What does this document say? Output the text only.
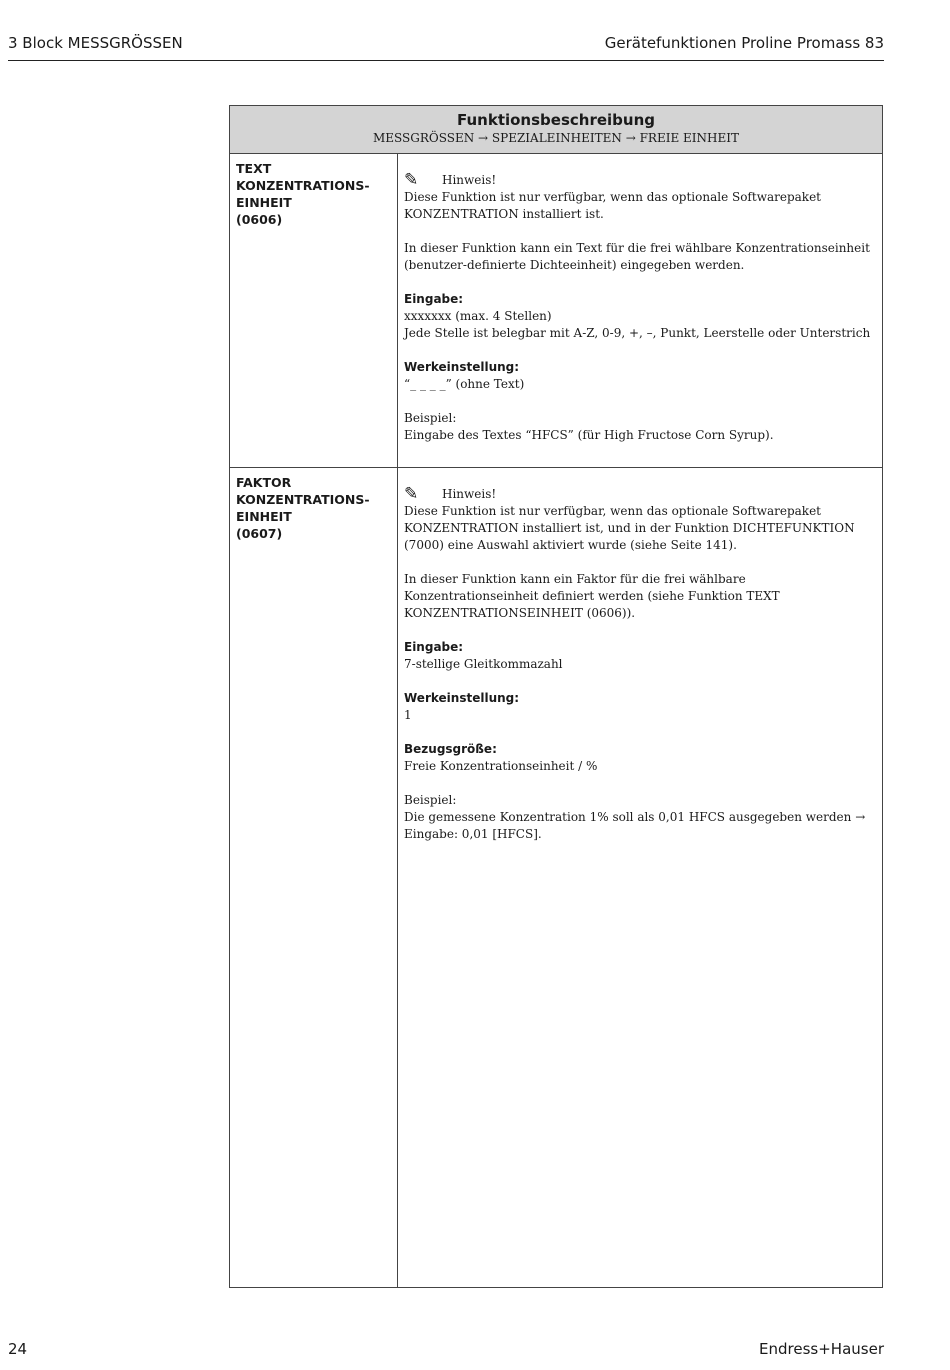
3 Block MESSGRÖSSEN	Gerätefunktionen Proline Promass 83
Funktionsbeschreibung
MESSGRÖSSEN → SPEZIALEINHEITEN → FREIE EINHEIT
TEXT
KONZENTRATIONS-
EINHEIT
(0606)
✎	Hinweis!
Diese Funktion ist nur verfügbar, wenn das optionale Softwarepaket KONZENTRATION installiert ist.
In dieser Funktion kann ein Text für die frei wählbare Konzentrationseinheit (benutzer-definierte Dichteeinheit) eingegeben werden.
Eingabe:
xxxxxxx (max. 4 Stellen)
Jede Stelle ist belegbar mit A-Z, 0-9, +, –, Punkt, Leerstelle oder Unterstrich
Werkeinstellung:
“_ _ _ _” (ohne Text)
Beispiel:
Eingabe des Textes “HFCS” (für High Fructose Corn Syrup).
FAKTOR
KONZENTRATIONS-
EINHEIT
(0607)
✎	Hinweis!
Diese Funktion ist nur verfügbar, wenn das optionale Softwarepaket KONZENTRATION installiert ist, und in der Funktion DICHTEFUNKTION (7000) eine Auswahl aktiviert wurde (siehe Seite 141).
In dieser Funktion kann ein Faktor für die frei wählbare Konzentrationseinheit definiert werden (siehe Funktion TEXT KONZENTRATIONSEINHEIT (0606)).
Eingabe:
7-stellige Gleitkommazahl
Werkeinstellung:
1
Bezugsgröße:
Freie Konzentrationseinheit / %
Beispiel:
Die gemessene Konzentration 1% soll als 0,01 HFCS ausgegeben werden → Eingabe: 0,01 [HFCS].
24	Endress+Hauser
